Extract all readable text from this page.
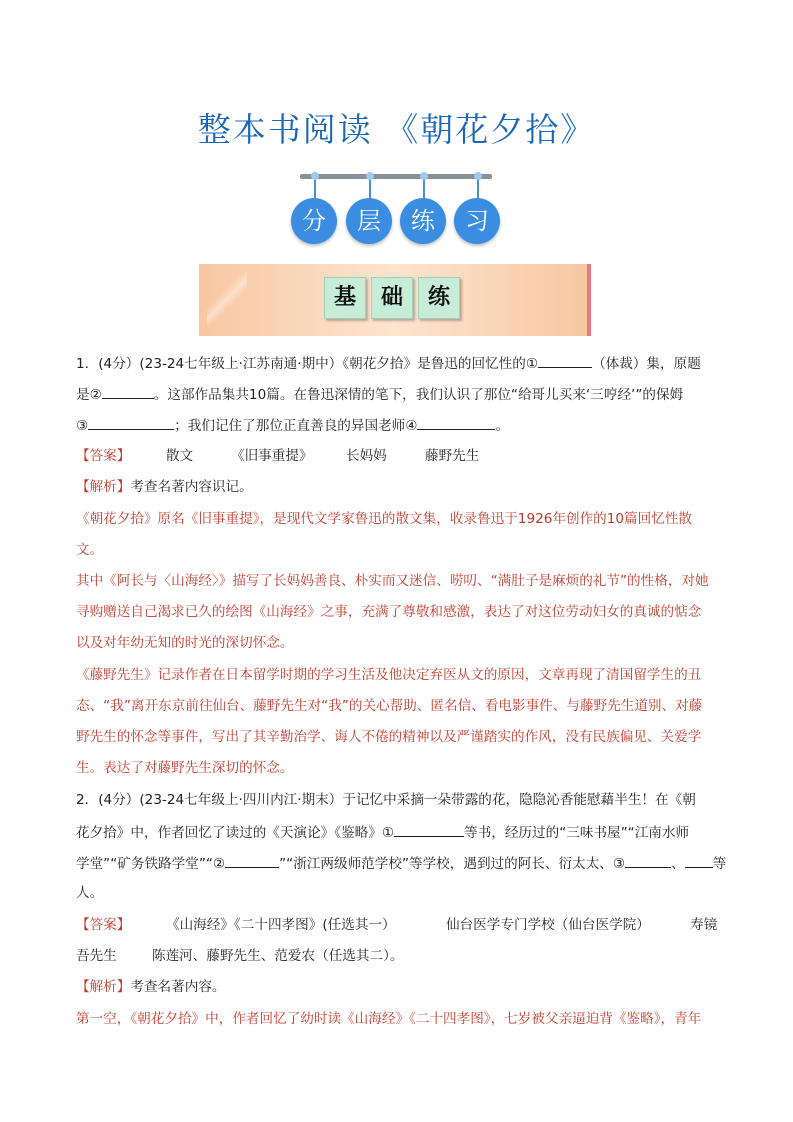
整本书阅读 《朝花夕拾》
分	层	练	习
基	础	练
1．(4分）(23-24七年级上·江苏南通·期中）《朝花夕拾》是鲁迅的回忆性的①	（体裁）集，原题
是②	。这部作品集共10篇。在鲁迅深情的笔下，我们认识了那位“给哥儿买来‘三哼经’”的保姆
③	；我们记住了那位正直善良的异国老师④	。
【答案】	散文	《旧事重提》 长妈妈	藤野先生
【解析】考查名著内容识记。
《朝花夕拾》原名《旧事重提》，是现代文学家鲁迅的散文集，收录鲁迅于1926年创作的10篇回忆性散
文。
其中《阿长与〈山海经〉》描写了长妈妈善良、朴实而又迷信、唠叨、“满肚子是麻烦的礼节”的性格，对她
寻购赠送自己渴求已久的绘图《山海经》之事，充满了尊敬和感激，表达了对这位劳动妇女的真诚的惦念
以及对年幼无知的时光的深切怀念。
《藤野先生》记录作者在日本留学时期的学习生活及他决定弃医从文的原因，文章再现了清国留学生的丑
态、“我”离开东京前往仙台、藤野先生对“我”的关心帮助、匿名信、看电影事件、与藤野先生道别、对藤
野先生的怀念等事件，写出了其辛勤治学、诲人不倦的精神以及严谨踏实的作风，没有民族偏见、关爱学
生。表达了对藤野先生深切的怀念。
2．(4分）(23-24七年级上·四川内江·期末）于记忆中采摘一朵带露的花，隐隐沁香能慰藉半生！在《朝
花夕拾》中，作者回忆了读过的《天演论》《鉴略》①	等书，经历过的“三味书屋”“江南水师
学堂”“矿务铁路学堂”“②	”“浙江两级师范学校”等学校，遇到过的阿长、衍太太、③	、 等
人。
【答案】	《山海经》《二十四孝图》(任选其一）	仙台医学专门学校（仙台医学院）	寿镜
吾先生	陈莲河、藤野先生、范爱农（任选其二）。
【解析】考查名著内容。
第一空，《朝花夕拾》中，作者回忆了幼时读《山海经》《二十四孝图》，七岁被父亲逼迫背《鉴略》，青年
